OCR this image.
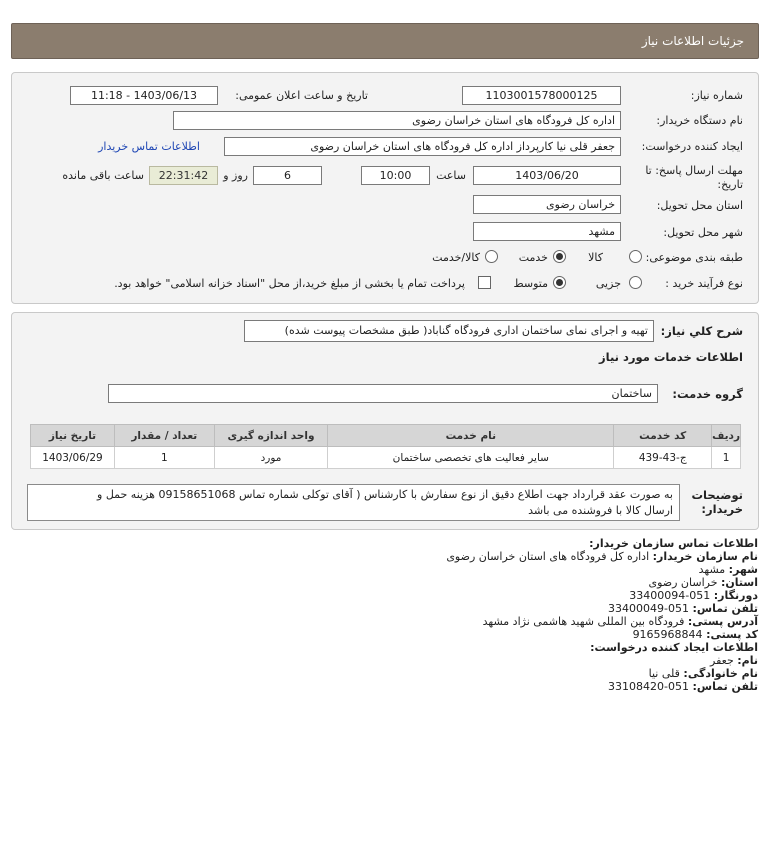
جزئیات اطلاعات نیاز
شماره نیاز:
1103001578000125
تاریخ و ساعت اعلان عمومی:
1403/06/13 - 11:18
نام دستگاه خریدار:
اداره کل فرودگاه های استان خراسان رضوی
ایجاد کننده درخواست:
جعفر قلی نیا کارپرداز اداره کل فرودگاه های استان خراسان رضوی
اطلاعات تماس خریدار
مهلت ارسال پاسخ: تا
تاریخ:
1403/06/20
ساعت
10:00
6
روز و
22:31:42
ساعت باقی مانده
استان محل تحویل:
خراسان رضوی
شهر محل تحویل:
مشهد
طبقه بندی موضوعی:
کالا
خدمت
کالا/خدمت
نوع فرآیند خرید :
جزیی
متوسط
پرداخت تمام یا بخشی از مبلغ خرید،از محل "اسناد خزانه اسلامی" خواهد بود.
شرح کلي نياز:
تهیه و اجرای نمای ساختمان اداری فرودگاه گناباد( طبق مشخصات پیوست شده)
اطلاعات خدمات مورد نیاز
گروه خدمت:
ساختمان
ردیف	کد خدمت	نام خدمت	واحد اندازه گیری	تعداد / مقدار	تاریخ نیاز
1	ج-43-439	سایر فعالیت های تخصصی ساختمان	مورد	1	1403/06/29
توضیحات
خریدار:
به صورت عقد قرارداد جهت اطلاع دقیق از نوع سفارش با کارشناس ( آقای توکلی شماره تماس 09158651068 هزینه حمل و
ارسال کالا با فروشنده می باشد
اطلاعات تماس سازمان خریدار:
نام سازمان خریدار: اداره کل فرودگاه های استان خراسان رضوی
شهر: مشهد
استان: خراسان رضوی
دورنگار: 051-33400094
تلفن تماس: 051-33400049
آدرس پستی: فرودگاه بین المللی شهید هاشمی نژاد مشهد
کد پستی: 9165968844
اطلاعات ایجاد کننده درخواست:
نام: جعفر
نام خانوادگی: قلی نیا
تلفن تماس: 051-33108420
